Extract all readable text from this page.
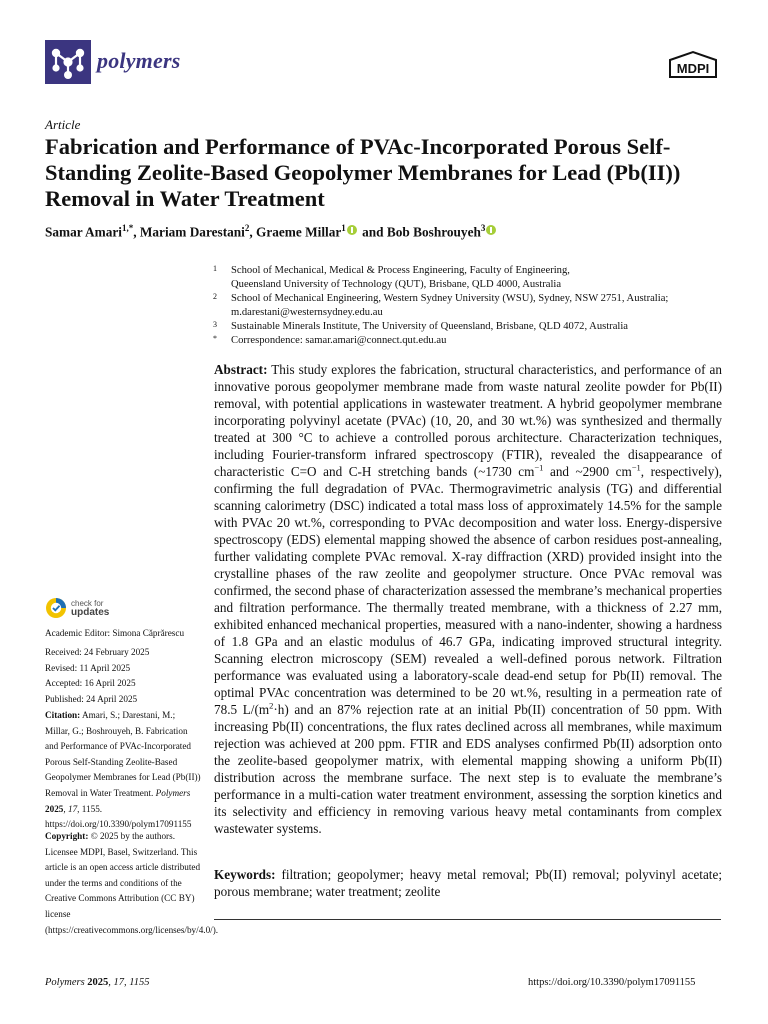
polymers	MDPI
Article
Fabrication and Performance of PVAc-Incorporated Porous Self-Standing Zeolite-Based Geopolymer Membranes for Lead (Pb(II)) Removal in Water Treatment
Samar Amari$^{1,*}$, Mariam Darestani$^2$, Graeme Millar$^1$ and Bob Boshrouyeh$^3$
1 School of Mechanical, Medical & Process Engineering, Faculty of Engineering,
Queensland University of Technology (QUT), Brisbane, QLD 4000, Australia
2 School of Mechanical Engineering, Western Sydney University (WSU), Sydney, NSW 2751, Australia;
m.darestani@westernsydney.edu.au
3 Sustainable Minerals Institute, The University of Queensland, Brisbane, QLD 4072, Australia
* Correspondence: samar.amari@connect.qut.edu.au

Abstract: This study explores the fabrication, structural characteristics, and performance of an innovative porous geopolymer membrane made from waste natural zeolite powder for Pb(II) removal, with potential applications in wastewater treatment. A hybrid geopolymer membrane incorporating polyvinyl acetate (PVAc) (10, 20, and 30 wt.%) was synthesized and thermally treated at 300 °C to achieve a controlled porous architecture. Characterization techniques, including Fourier-transform infrared spectroscopy (FTIR), revealed the disappearance of characteristic C=O and C-H stretching bands (~1730 $cm^{-1}$ and ~2900 $cm^{-1}$, respectively), confirming the full degradation of PVAc. Thermogravimetric analysis (TG) and differential scanning calorimetry (DSC) indicated a total mass loss of approximately 14.5% for the sample with PVAc 20 wt.%, corresponding to PVAc decomposition and water loss. Energy-dispersive spectroscopy (EDS) elemental mapping showed the absence of carbon residues post-annealing, further validating complete PVAc removal. X-ray diffraction (XRD) provided insight into the crystalline phases of the raw zeolite and geopolymer structure. Once PVAc removal was confirmed, the second phase of characterization assessed the membrane’s mechanical properties and filtration performance. The thermally treated membrane, with a thickness of 2.27 mm, exhibited enhanced mechanical properties, measured with a nano-indenter, showing a hardness of 1.8 GPa and an elastic modulus of 46.7 GPa, indicating improved structural integrity. Scanning electron microscopy (SEM) revealed a well-defined porous network. Filtration performance was evaluated using a laboratory-scale dead-end setup for Pb(II) removal. The optimal PVAc concentration was determined to be 20 wt.%, resulting in a permeation rate of 78.5 $L/(m^2\cdot h)$ and an 87% rejection rate at an initial Pb(II) concentration of 50 ppm. With increasing Pb(II) concentrations, the flux rates declined across all membranes, while maximum rejection was achieved at 200 ppm. FTIR and EDS analyses confirmed Pb(II) adsorption onto the zeolite-based geopolymer matrix, with elemental mapping showing a uniform Pb(II) distribution across the membrane surface. The next step is to evaluate the membrane’s performance in a multi-cation water treatment environment, assessing the sorption kinetics and its selectivity and efficiency in removing various heavy metal contaminants from complex wastewater systems.

Keywords: filtration; geopolymer; heavy metal removal; Pb(II) removal; polyvinyl acetate; porous membrane; water treatment; zeolite

check for
updates
Academic Editor: Simona Căprărescu
Received: 24 February 2025
Revised: 11 April 2025
Accepted: 16 April 2025
Published: 24 April 2025
Citation: Amari, S.; Darestani, M.; Millar, G.; Boshrouyeh, B. Fabrication and Performance of PVAc-Incorporated Porous Self-Standing Zeolite-Based Geopolymer Membranes for Lead (Pb(II)) Removal in Water Treatment. Polymers 2025, 17, 1155. https://doi.org/10.3390/polym17091155
Copyright: © 2025 by the authors. Licensee MDPI, Basel, Switzerland. This article is an open access article distributed under the terms and conditions of the Creative Commons Attribution (CC BY) license (https://creativecommons.org/licenses/by/4.0/).
Polymers 2025, 17, 1155	https://doi.org/10.3390/polym17091155
